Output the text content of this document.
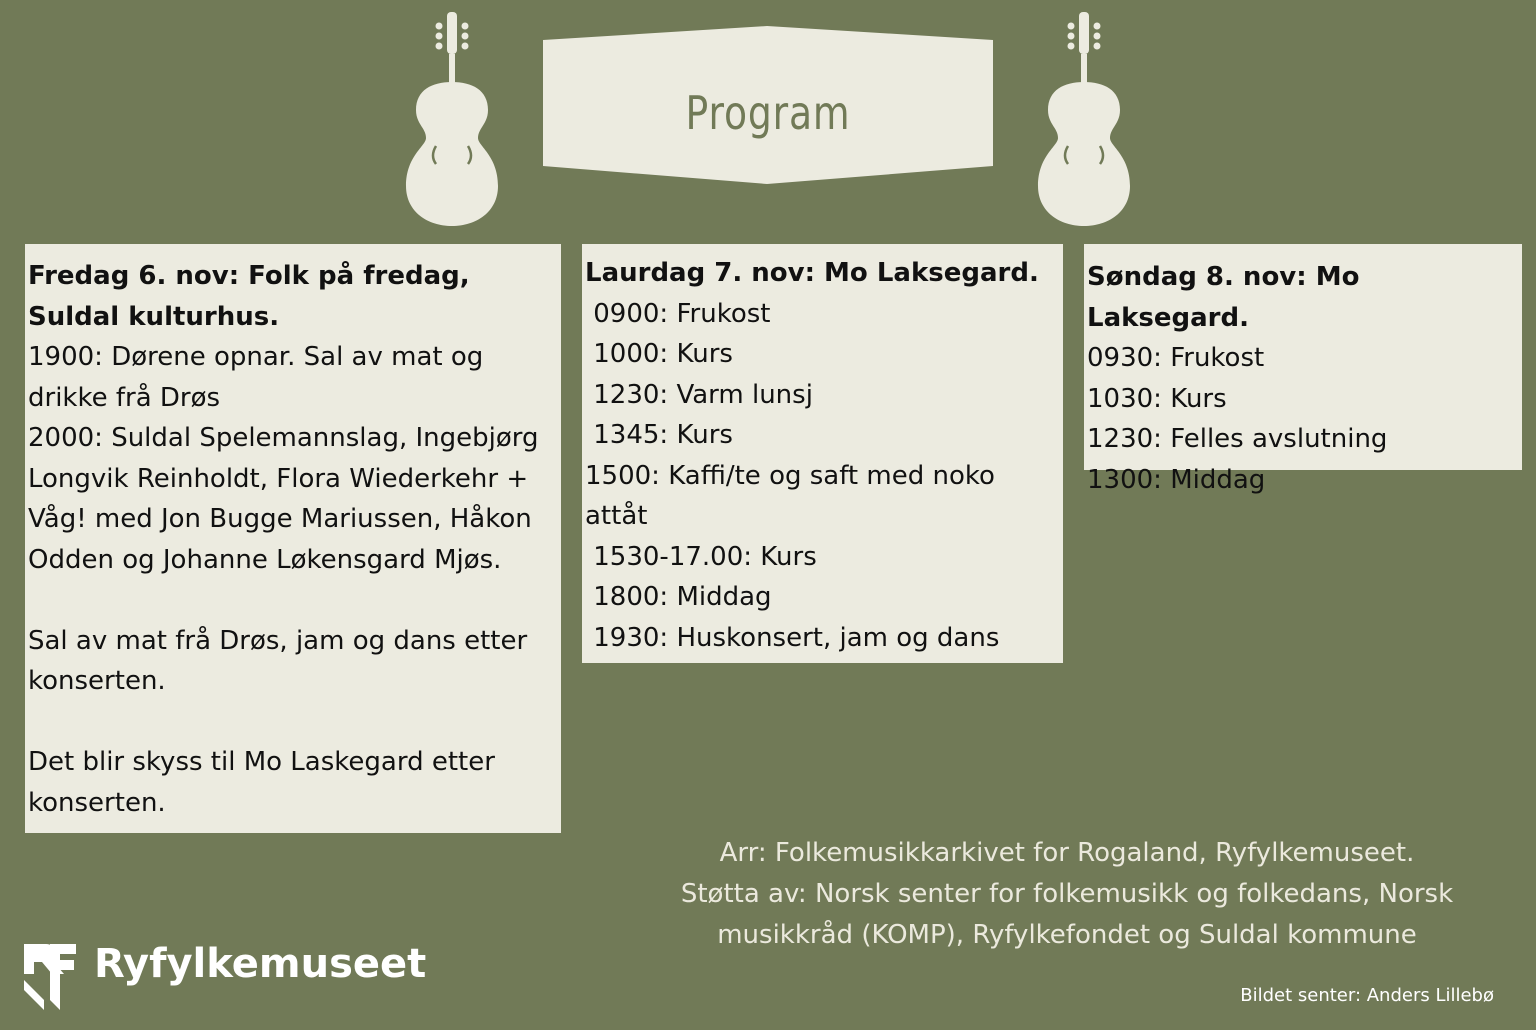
Program
Fredag 6. nov: Folk på fredag, Suldal kulturhus.
1900: Dørene opnar. Sal av mat og drikke frå Drøs
2000: Suldal Spelemannslag, Ingebjørg Longvik Reinholdt, Flora Wiederkehr + Våg! med Jon Bugge Mariussen, Håkon Odden og Johanne Løkensgard Mjøs.
Sal av mat frå Drøs, jam og dans etter konserten.
Det blir skyss til Mo Laskegard etter konserten.
Laurdag 7. nov: Mo Laksegard.
0900: Frukost
1000: Kurs
1230: Varm lunsj
1345: Kurs
1500: Kaffi/te og saft med noko attåt
1530-17.00: Kurs
1800: Middag
1930: Huskonsert, jam og dans
Søndag 8. nov: Mo Laksegard.
0930: Frukost
1030: Kurs
1230: Felles avslutning
1300: Middag
Arr: Folkemusikkarkivet for Rogaland, Ryfylkemuseet.
Støtta av: Norsk senter for folkemusikk og folkedans, Norsk musikkråd (KOMP), Ryfylkefondet og Suldal kommune
Bildet senter: Anders Lillebø
Ryfylkemuseet
